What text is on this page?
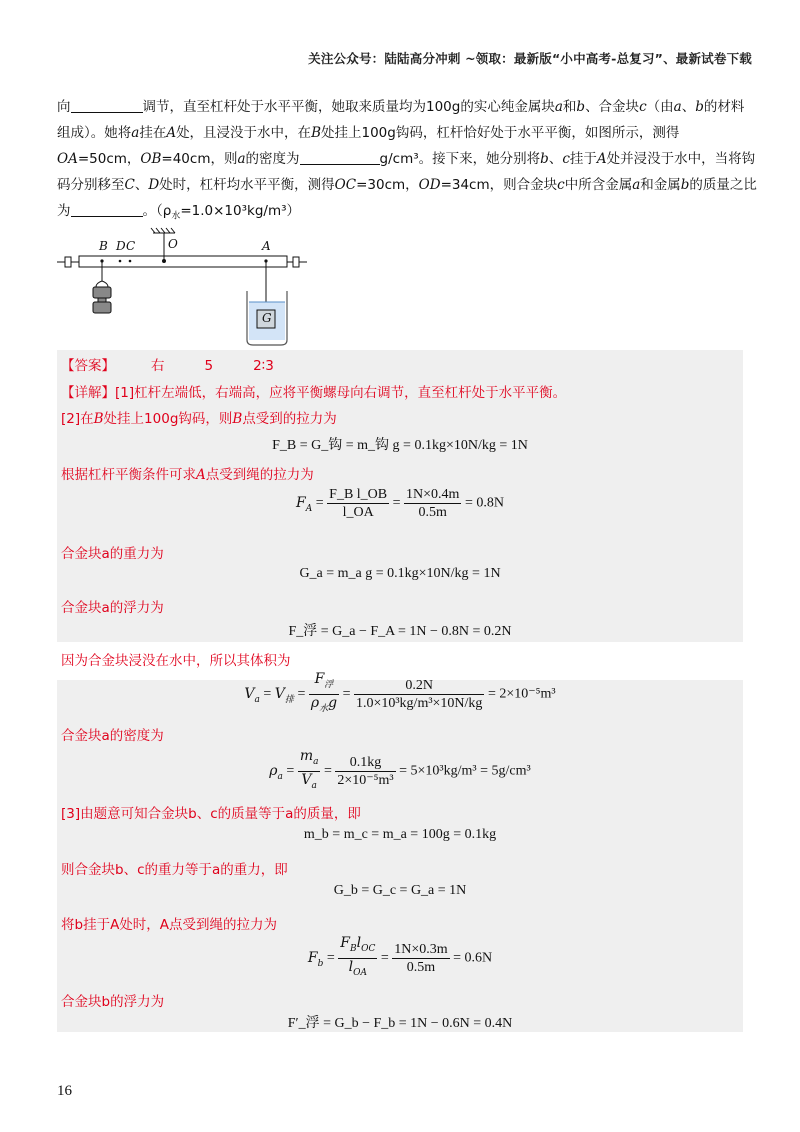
关注公众号：陆陆高分冲刺 ~领取：最新版“小中高考-总复习”、最新试卷下载
向	调节，直至杠杆处于水平平衡，她取来质量均为100g的实心纯金属块a和b、合金块c（由a、b的材料组成）。她将a挂在A处，且浸没于水中，在B处挂上100g钩码，杠杆恰好处于水平平衡，如图所示，测得OA=50cm，OB=40cm，则a的密度为	g/cm³。接下来，她分别将b、c挂于A处并浸没于水中，当将钩码分别移至C、D处时，杠杆均水平平衡，测得OC=30cm，OD=34cm，则合金块c中所含金属a和金属b的质量之比为	。$(\rho_水=1.0\times 10^3kg/m^3)$
B D C	O	A
G
【答案】	右	5	2∶3
【详解】[1]杠杆左端低，右端高，应将平衡螺母向右调节，直至杠杆处于水平平衡。
[2]在B处挂上100g钩码，则B点受到的拉力为
F_B = G_钩 = m_钩 g = 0.1kg×10N/kg = 1N
根据杠杆平衡条件可求A点受到绳的拉力为
$F_A = \frac{\text{F\_B l\_OB}}{l\_OA} = \frac{1N\times 0.4m}{0.5m} = 0.8N$
合金块a的重力为
G_a = m_a g = 0.1kg×10N/kg = 1N
合金块a的浮力为
F_浮 = G_a − F_A = 1N − 0.8N = 0.2N
因为合金块浸没在水中，所以其体积为
$V_a = V_排 = \frac{F_浮}{\rho_水g} = \frac{0.2N}{\text{1.0×10³kg/m³×10N/kg}} = 2\times 10^{-5}m^3$
合金块a的密度为
$\rho_a = \frac{m_a}{V_a} = \frac{0.1kg}{\text{2×10⁻⁵m³}} = 5\times 10^3kg/m^3 = 5g/cm^3$
[3]由题意可知合金块b、c的质量等于a的质量，即
m_b = m_c = m_a = 100g = 0.1kg
则合金块b、c的重力等于a的重力，即
G_b = G_c = G_a = 1N
将b挂于A处时，A点受到绳的拉力为
$F_b = \frac{F_Bl_{OC}}{l_{OA}} = \frac{1N\times 0.3m}{0.5m} = 0.6N$
合金块b的浮力为
F′_浮 = G_b − F_b = 1N − 0.6N = 0.4N
16
